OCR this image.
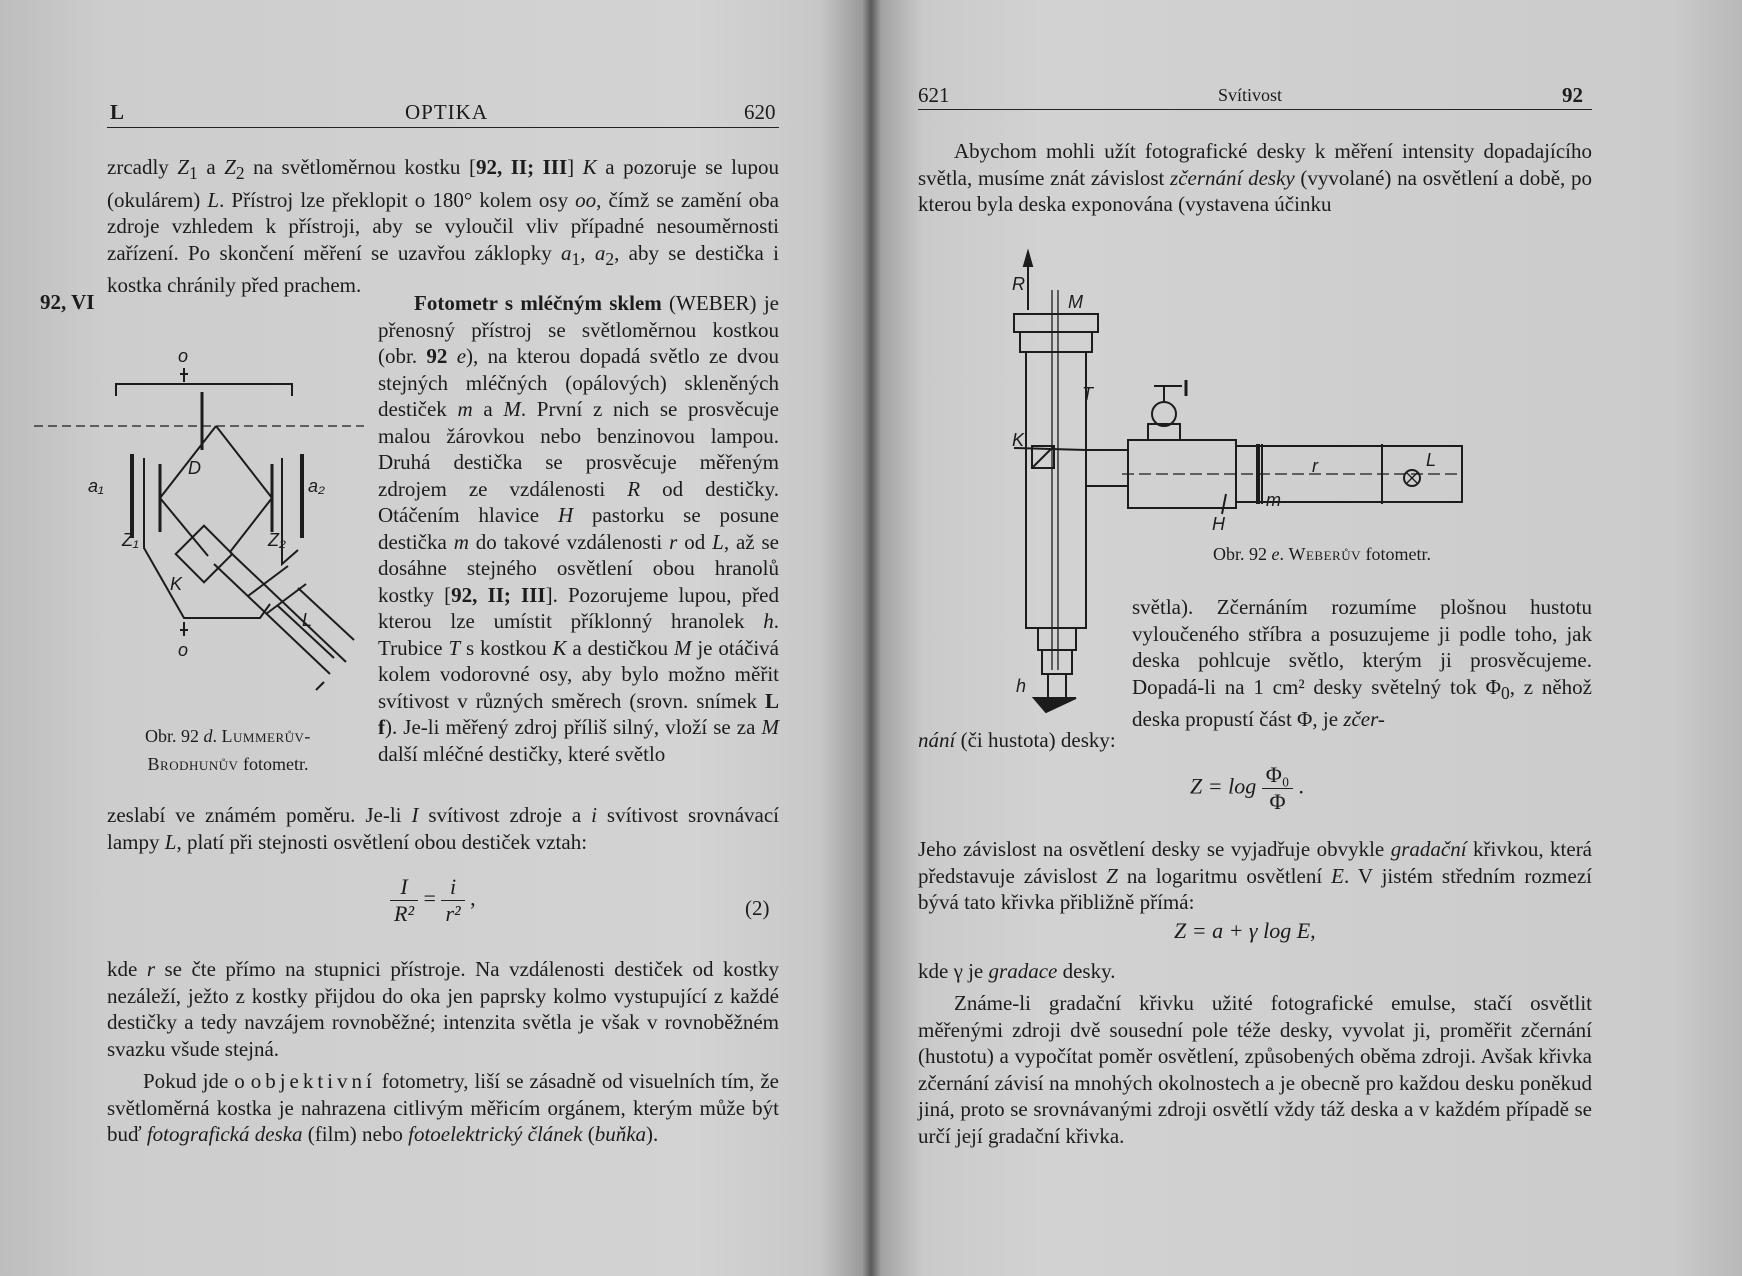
L	OPTIKA	620
zrcadly $Z_1$ a $Z_2$ na světloměrnou kostku [92, II; III] K a pozoruje se lupou (okulárem) L. Přístroj lze překlopit o 180° kolem osy oo, čímž se zamění oba zdroje vzhledem k přístroji, aby se vyloučil vliv případné nesouměrnosti zařízení. Po skončení měření se uzavřou záklopky $a_1$, $a_2$, aby se destička i kostka chránily před prachem.
92, VI	Fotometr s mléčným sklem (WEBER) je přenosný přístroj se světloměrnou kostkou (obr. 92 e), na kterou dopadá světlo ze dvou stejných mléčných (opálových) skleněných destiček m a M. První z nich se prosvěcuje malou žárovkou nebo benzinovou lampou. Druhá destička se prosvěcuje měřeným zdrojem ze vzdálenosti R od destičky. Otáčením hlavice H pastorku se posune destička m do takové vzdálenosti r od L, až se dosáhne stejného osvětlení obou hranolů kostky [92, II; III]. Pozorujeme lupou, před kterou lze umístit příklonný hranolek h. Trubice T s kostkou K a destičkou M je otáčivá kolem vodorovné osy, aby bylo možno měřit svítivost v různých směrech (srovn. snímek L f). Je-li měřený zdroj příliš silný, vloží se za M další mléčné destičky, které světlo

o
D
a₁	a₂
Z₁	Z₂
K
L
o
Obr. 92 d. Lummerův-
Brodhunův fotometr.
zeslabí ve známém poměru. Je-li I svítivost zdroje a i svítivost srovnávací lampy L, platí při stejnosti osvětlení obou destiček vztah:
$\frac{I}{\text{R²}} = \frac{i}{\text{r²}}$ ,	(2)
kde r se čte přímo na stupnici přístroje. Na vzdálenosti destiček od kostky nezáleží, ježto z kostky přijdou do oka jen paprsky kolmo vystupující z každé destičky a tedy navzájem rovnoběžné; intenzita světla je však v rovnoběžném svazku všude stejná.

Pokud jde o objektivní fotometry, liší se zásadně od visuelních tím, že světloměrná kostka je nahrazena citlivým měřicím orgánem, kterým může být buď fotografická deska (film) nebo fotoelektrický článek (buňka).

621	Svítivost	92

Abychom mohli užít fotografické desky k měření intensity dopadajícího světla, musíme znát závislost zčernání desky (vyvolané) na osvětlení a době, po kterou byla deska exponována (vystavena účinku

R
M
T
K
r	L
m
H
h
Obr. 92 e. Weberův fotometr.
světla). Zčernáním rozumíme plošnou hustotu vyloučeného stříbra a posuzujeme ji podle toho, jak deska pohlcuje světlo, kterým ji prosvěcujeme. Dopadá-li na 1 cm² desky světelný tok $\Phi_0$, z něhož deska propustí část Φ, je zčer-
nání (či hustota) desky:
$Z = \log \frac{\text{Φ₀}}{\Phi}$ .
Jeho závislost na osvětlení desky se vyjadřuje obvykle gradační křivkou, která představuje závislost Z na logaritmu osvětlení E. V jistém středním rozmezí bývá tato křivka přibližně přímá:
Z = a + γ log E,
kde γ je gradace desky.

Známe-li gradační křivku užité fotografické emulse, stačí osvětlit měřenými zdroji dvě sousední pole téže desky, vyvolat ji, proměřit zčernání (hustotu) a vypočítat poměr osvětlení, způsobených oběma zdroji. Avšak křivka zčernání závisí na mnohých okolnostech a je obecně pro každou desku poněkud jiná, proto se srovnávanými zdroji osvětlí vždy táž deska a v každém případě se určí její gradační křivka.
